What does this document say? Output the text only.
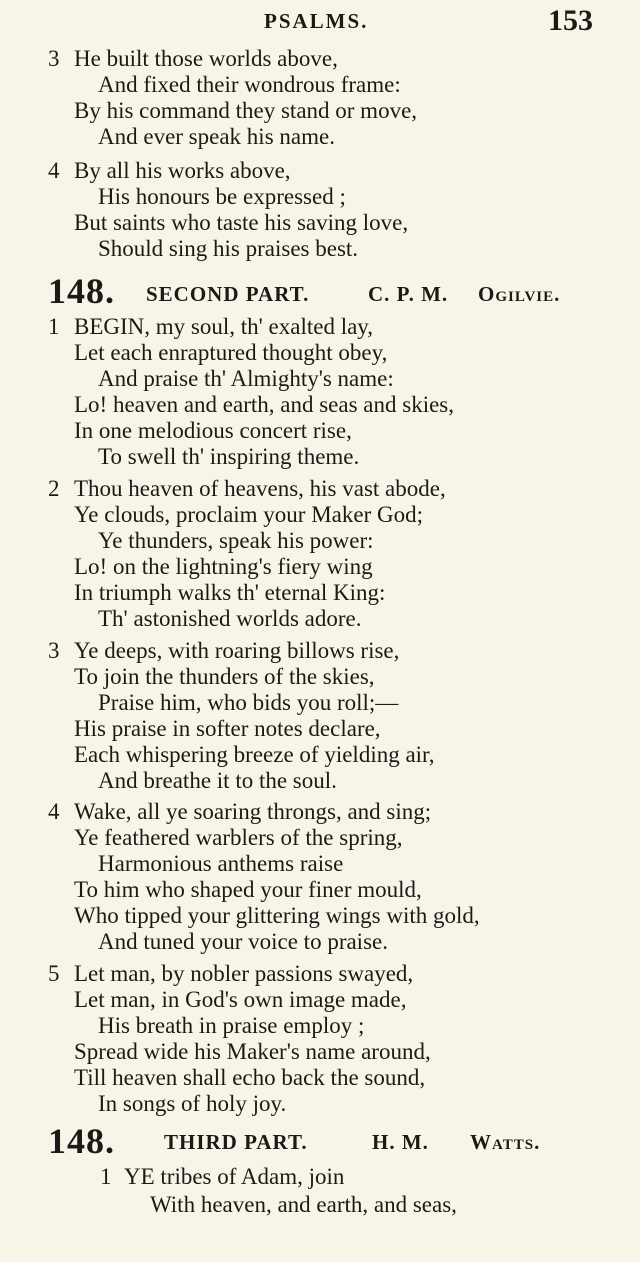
PSALMS.	153
3 He built those worlds above,
And fixed their wondrous frame:
By his command they stand or move,
And ever speak his name.
4 By all his works above,
His honours be expressed ;
But saints who taste his saving love,
Should sing his praises best.
148. SECOND PART.	C. P. M. Ogilvie.
1 BEGIN, my soul, th' exalted lay,
Let each enraptured thought obey,
And praise th' Almighty's name:
Lo! heaven and earth, and seas and skies,
In one melodious concert rise,
To swell th' inspiring theme.
2 Thou heaven of heavens, his vast abode,
Ye clouds, proclaim your Maker God;
Ye thunders, speak his power:
Lo! on the lightning's fiery wing
In triumph walks th' eternal King:
Th' astonished worlds adore.
3 Ye deeps, with roaring billows rise,
To join the thunders of the skies,
Praise him, who bids you roll;—
His praise in softer notes declare,
Each whispering breeze of yielding air,
And breathe it to the soul.
4 Wake, all ye soaring throngs, and sing;
Ye feathered warblers of the spring,
Harmonious anthems raise
To him who shaped your finer mould,
Who tipped your glittering wings with gold,
And tuned your voice to praise.
5 Let man, by nobler passions swayed,
Let man, in God's own image made,
His breath in praise employ ;
Spread wide his Maker's name around,
Till heaven shall echo back the sound,
In songs of holy joy.
148. THIRD PART.	H. M. Watts.
1 YE tribes of Adam, join
With heaven, and earth, and seas,
